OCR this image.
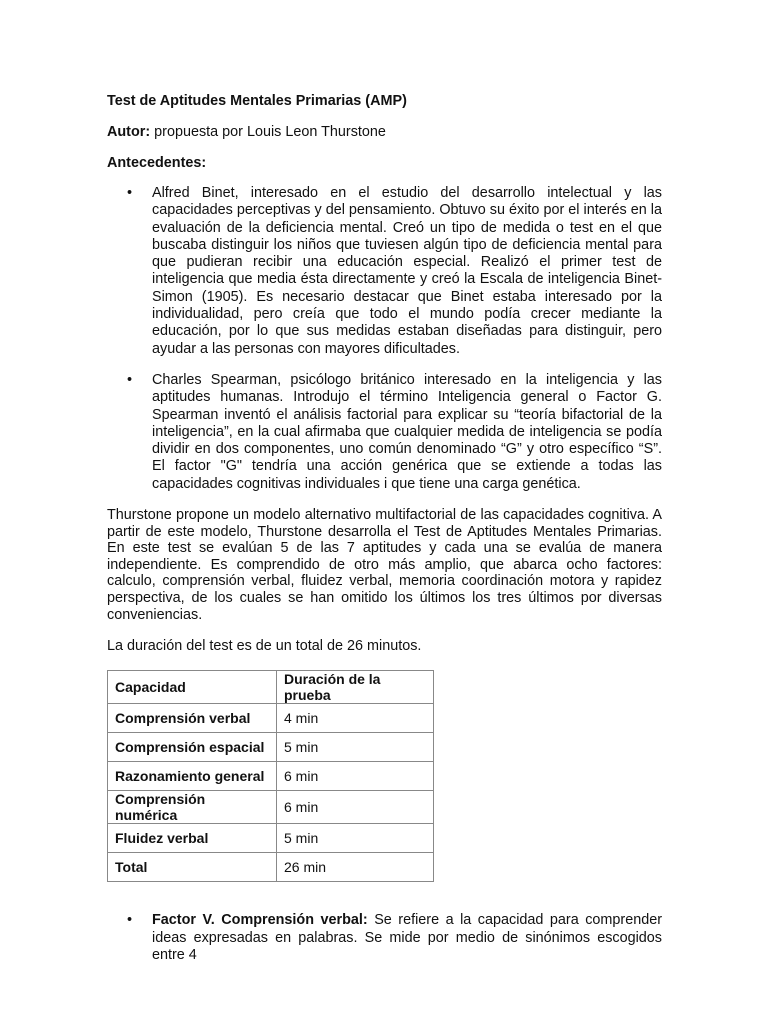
Test de Aptitudes Mentales Primarias (AMP)

Autor: propuesta por Louis Leon Thurstone

Antecedentes:

• Alfred Binet, interesado en el estudio del desarrollo intelectual y las capacidades perceptivas y del pensamiento. Obtuvo su éxito por el interés en la evaluación de la deficiencia mental. Creó un tipo de medida o test en el que buscaba distinguir los niños que tuviesen algún tipo de deficiencia mental para que pudieran recibir una educación especial. Realizó el primer test de inteligencia que media ésta directamente y creó la Escala de inteligencia Binet-Simon (1905). Es necesario destacar que Binet estaba interesado por la individualidad, pero creía que todo el mundo podía crecer mediante la educación, por lo que sus medidas estaban diseñadas para distinguir, pero ayudar a las personas con mayores dificultades.
• Charles Spearman, psicólogo británico interesado en la inteligencia y las aptitudes humanas. Introdujo el término Inteligencia general o Factor G. Spearman inventó el análisis factorial para explicar su “teoría bifactorial de la inteligencia”, en la cual afirmaba que cualquier medida de inteligencia se podía dividir en dos componentes, uno común denominado “G” y otro específico “S”. El factor "G" tendría una acción genérica que se extiende a todas las capacidades cognitivas individuales i que tiene una carga genética.

Thurstone propone un modelo alternativo multifactorial de las capacidades cognitiva. A partir de este modelo, Thurstone desarrolla el Test de Aptitudes Mentales Primarias. En este test se evalúan 5 de las 7 aptitudes y cada una se evalúa de manera independiente. Es comprendido de otro más amplio, que abarca ocho factores: calculo, comprensión verbal, fluidez verbal, memoria coordinación motora y rapidez perspectiva, de los cuales se han omitido los últimos los tres últimos por diversas conveniencias.

La duración del test es de un total de 26 minutos.

Capacidad	Duración de la prueba
Comprensión verbal	4 min
Comprensión espacial	5 min
Razonamiento general	6 min
Comprensión numérica	6 min
Fluidez verbal	5 min
Total	26 min
• Factor V. Comprensión verbal: Se refiere a la capacidad para comprender ideas expresadas en palabras. Se mide por medio de sinónimos escogidos entre 4
